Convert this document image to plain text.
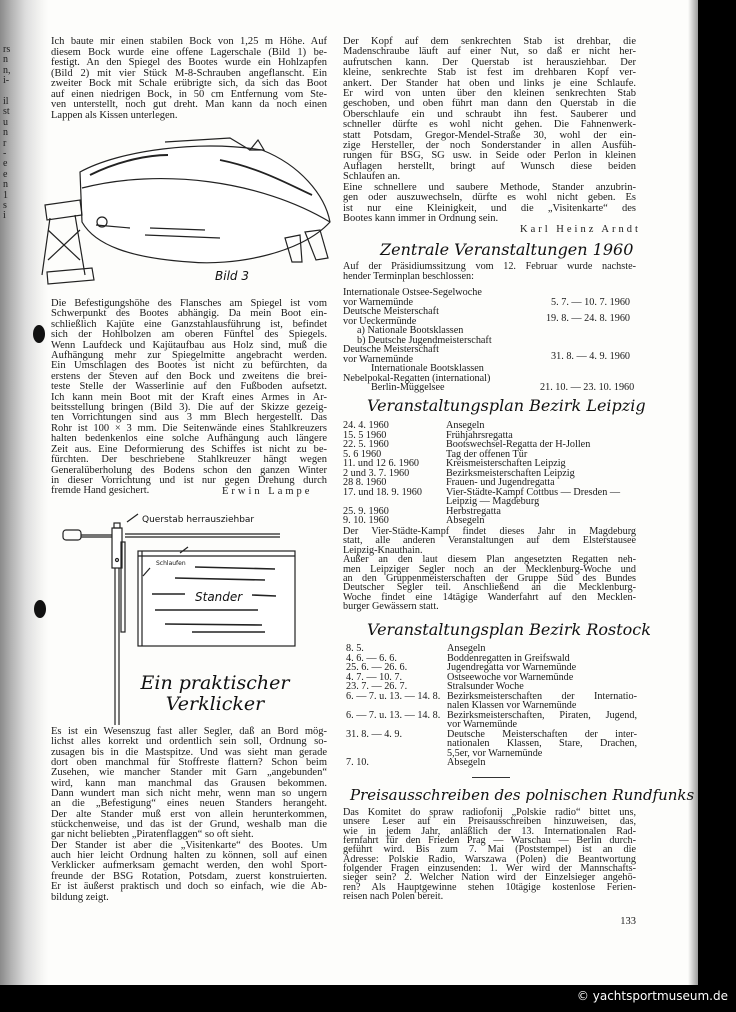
Ich baute mir einen stabilen Bock von 1,25 m Höhe. Auf
diesem Bock wurde eine offene Lagerschale (Bild 1) be-
festigt. An den Spiegel des Bootes wurde ein Hohlzapfen
(Bild 2) mit vier Stück M-8-Schrauben angeflanscht. Ein
zweiter Bock mit Schale erübrigte sich, da sich das Boot
auf einen niedrigen Bock, in 50 cm Entfernung vom Ste-
ven unterstellt, noch gut dreht. Man kann da noch einen
Lappen als Kissen unterlegen.
Bild 3
Die Befestigungshöhe des Flansches am Spiegel ist vom
Schwerpunkt des Bootes abhängig. Da mein Boot ein-
schließlich Kajüte eine Ganzstahlausführung ist, befindet
sich der Hohlbolzen am oberen Fünftel des Spiegels.
Wenn Laufdeck und Kajütaufbau aus Holz sind, muß die
Aufhängung mehr zur Spiegelmitte angebracht werden.
Ein Umschlagen des Bootes ist nicht zu befürchten, da
erstens der Steven auf den Bock und zweitens die brei-
teste Stelle der Wasserlinie auf den Fußboden aufsetzt.
Ich kann mein Boot mit der Kraft eines Armes in Ar-
beitsstellung bringen (Bild 3). Die auf der Skizze gezeig-
ten Vorrichtungen sind aus 3 mm Blech hergestellt. Das
Rohr ist 100 × 3 mm. Die Seitenwände eines Stahlkreuzers
halten bedenkenlos eine solche Aufhängung auch längere
Zeit aus. Eine Deformierung des Schiffes ist nicht zu be-
fürchten. Der beschriebene Stahlkreuzer hängt wegen
Generalüberholung des Bodens schon den ganzen Winter
in dieser Vorrichtung und ist nur gegen Drehung durch
fremde Hand gesichert.	Erwin Lampe
Querstab herrausziehbar
Schlaufen
Stander
Ein praktischer
Verklicker
Es ist ein Wesenszug fast aller Segler, daß an Bord mög-
lichst alles korrekt und ordentlich sein soll, Ordnung so-
zusagen bis in die Mastspitze. Und was sieht man gerade
dort oben manchmal für Stoffreste flattern? Schon beim
Zusehen, wie mancher Stander mit Garn „angebunden“
wird, kann man manchmal das Grausen bekommen.
Dann wundert man sich nicht mehr, wenn man so ungern
an die „Befestigung“ eines neuen Standers herangeht.
Der alte Stander muß erst von allein herunterkommen,
stückchenweise, und das ist der Grund, weshalb man die
gar nicht beliebten „Piratenflaggen“ so oft sieht.
Der Stander ist aber die „Visitenkarte“ des Bootes. Um
auch hier leicht Ordnung halten zu können, soll auf einen
Verklicker aufmerksam gemacht werden, den wohl Sport-
freunde der BSG Rotation, Potsdam, zuerst konstruierten.
Er ist äußerst praktisch und doch so einfach, wie die Ab-
bildung zeigt.
Der Kopf auf dem senkrechten Stab ist drehbar, die
Madenschraube läuft auf einer Nut, so daß er nicht her-
aufrutschen kann. Der Querstab ist herausziehbar. Der
kleine, senkrechte Stab ist fest im drehbaren Kopf ver-
ankert. Der Stander hat oben und links je eine Schlaufe.
Er wird von unten über den kleinen senkrechten Stab
geschoben, und oben führt man dann den Querstab in die
Oberschlaufe ein und schraubt ihn fest. Sauberer und
schneller dürfte es wohl nicht gehen. Die Fahnenwerk-
statt Potsdam, Gregor-Mendel-Straße 30, wohl der ein-
zige Hersteller, der noch Sonderstander in allen Ausfüh-
rungen für BSG, SG usw. in Seide oder Perlon in kleinen
Auflagen herstellt, bringt auf Wunsch diese beiden
Schlaufen an.
Eine schnellere und saubere Methode, Stander anzubrin-
gen oder auszuwechseln, dürfte es wohl nicht geben. Es
ist nur eine Kleinigkeit, und die „Visitenkarte“ des
Bootes kann immer in Ordnung sein.
Karl Heinz Arndt
Zentrale Veranstaltungen 1960
Auf der Präsidiumssitzung vom 12. Februar wurde nachste-
hender Terminplan beschlossen:
Veranstaltungsplan Bezirk Leipzig
Der Vier-Städte-Kampf findet dieses Jahr in Magdeburg
statt, alle anderen Veranstaltungen auf dem Elsterstausee
Leipzig-Knauthain.
Außer an den laut diesem Plan angesetzten Regatten neh-
men Leipziger Segler noch an der Mecklenburg-Woche und
an den Gruppenmeisterschaften der Gruppe Süd des Bundes
Deutscher Segler teil. Anschließend an die Mecklenburg-
Woche findet eine 14tägige Wanderfahrt auf den Mecklen-
burger Gewässern statt.
Veranstaltungsplan Bezirk Rostock
Preisausschreiben des polnischen Rundfunks
Das Komitet do spraw radiofonij „Polskie radio“ bittet uns,
unsere Leser auf ein Preisausschreiben hinzuweisen, das,
wie in jedem Jahr, anläßlich der 13. Internationalen Rad-
fernfahrt für den Frieden Prag — Warschau — Berlin durch-
geführt wird. Bis zum 7. Mai (Poststempel) ist an die
Adresse: Polskie Radio, Warszawa (Polen) die Beantwortung
folgender Fragen einzusenden: 1. Wer wird der Mannschafts-
sieger sein? 2. Welcher Nation wird der Einzelsieger angehö-
ren? Als Hauptgewinne stehen 10tägige kostenlose Ferien-
reisen nach Polen bereit.
133
rs
n
n,
i-
il
st
u
n
r
-
e
e
n
1
s
i
Internationale Ostsee-Segelwoche
vor Warnemünde	5. 7. — 10. 7. 1960
Deutsche Meisterschaft
vor Ueckermünde	19. 8. — 24. 8. 1960
a) Nationale Bootsklassen
b) Deutsche Jugendmeisterschaft
Deutsche Meisterschaft
vor Warnemünde	31. 8. — 4. 9. 1960
Internationale Bootsklassen
Nebelpokal-Regatten (international)
Berlin-Müggelsee	21. 10. — 23. 10. 1960
24. 4. 1960	Ansegeln
15. 5 1960	Frühjahrsregatta
22. 5. 1960	Bootswechsel-Regatta der H-Jollen
5. 6 1960	Tag der offenen Tür
11. und 12 6. 1960	Kreismeisterschaften Leipzig
2 und 3. 7. 1960	Bezirksmeisterschaften Leipzig
28 8. 1960	Frauen- und Jugendregatta
17. und 18. 9. 1960 Vier-Städte-Kampf Cottbus — Dresden —
Leipzig — Magdeburg
25. 9. 1960	Herbstregatta
9. 10. 1960	Absegeln
8. 5.	Ansegeln
4. 6. — 6. 6.	Boddenregatten in Greifswald
25. 6. — 26. 6.	Jugendregatta vor Warnemünde
4. 7. — 10. 7.	Ostseewoche vor Warnemünde
23. 7. — 26. 7.	Stralsunder Woche
6. — 7. u. 13. — 14. 8. Bezirksmeisterschaften der Internatio-
nalen Klassen vor Warnemünde
6. — 7. u. 13. — 14. 8. Bezirksmeisterschaften, Piraten, Jugend,
vor Warnemünde
31. 8. — 4. 9.	Deutsche Meisterschaften der inter-
nationalen Klassen, Stare, Drachen,
5,5er, vor Warnemünde
7. 10.	Absegeln
© yachtsportmuseum.de
